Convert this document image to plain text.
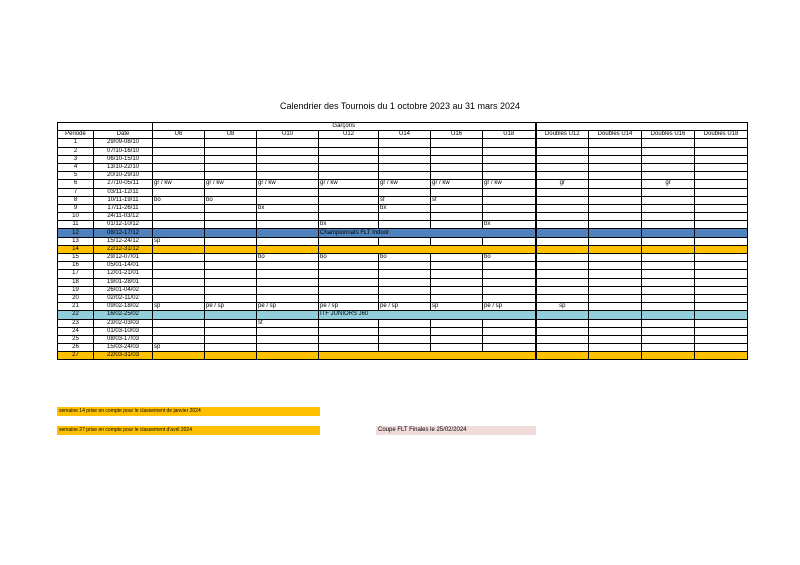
Calendrier des Tournois du 1 octobre 2023 au 31 mars 2024
		Garçons										
Période	Date	U6	U8	U10	U12	U14	U16	U18	Doubles U12	Doubles U14	Doubles U16	Doubles U18
1	29/09-08/10											
2	07/10-16/10											
3	06/10-15/10											
4	13/10-22/10											
5	20/10-29/10											
6	27/10-05/11	gr / kw	gr / kw	gr / kw	gr / kw	gr / kw	gr / kw	gr / kw	gr		gr	
7	03/11-12/11											
8	10/11-19/11	bo	bo			sf	sf					
9	17/11-26/11			bx		bx						
10	24/11-03/12											
11	01/12-10/12				bx			bx				
12	08/12-17/12				Championnats FLT Indoor							
13	15/12-24/12	sp										
14	22/12-31/12											
15	29/12-07/01			bo	bo	bo		bo				
16	05/01-14/01											
17	12/01-21/01											
18	19/01-28/01											
19	26/01-04/02											
20	02/02-11/02											
21	09/02-18/02	sp	pe / sp	pe / sp	pe / sp	pe / sp	sp	pe / sp	sp			
22	16/02-25/02				ITF JUNIORS J60							
23	23/02-03/03			sf								
24	01/03-10/03											
25	08/03-17/03											
26	15/03-24/03	sp										
27	22/03-31/03											
semaine 14 prise en compte pour le classement de janvier 2024
semaine 27 prise en compte pour le classement d'avril 2024	Coupe FLT Finales le 25/02/2024
